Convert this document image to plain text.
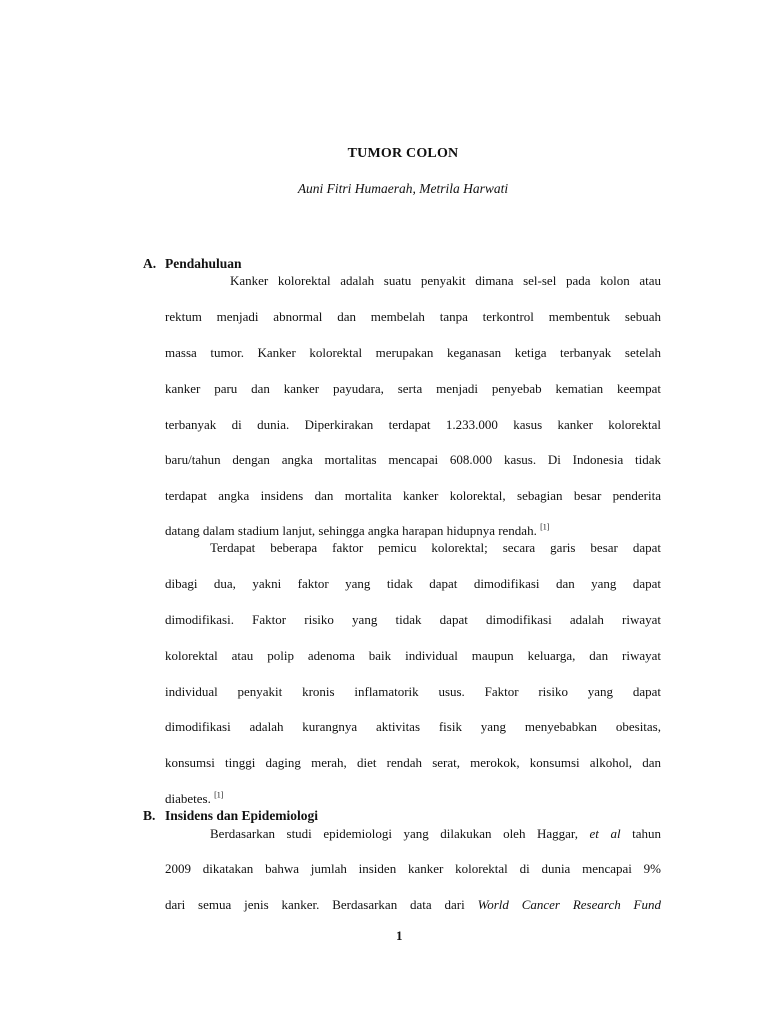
TUMOR COLON
Auni Fitri Humaerah, Metrila Harwati
A. Pendahuluan
Kanker kolorektal adalah suatu penyakit dimana sel-sel pada kolon atau
rektum menjadi abnormal dan membelah tanpa terkontrol membentuk sebuah
massa tumor. Kanker kolorektal merupakan keganasan ketiga terbanyak setelah
kanker paru dan kanker payudara, serta menjadi penyebab kematian keempat
terbanyak di dunia. Diperkirakan terdapat 1.233.000 kasus kanker kolorektal
baru/tahun dengan angka mortalitas mencapai 608.000 kasus. Di Indonesia tidak
terdapat angka insidens dan mortalita kanker kolorektal, sebagian besar penderita
datang dalam stadium lanjut, sehingga angka harapan hidupnya rendah. [1]
Terdapat beberapa faktor pemicu kolorektal; secara garis besar dapat
dibagi dua, yakni faktor yang tidak dapat dimodifikasi dan yang dapat
dimodifikasi. Faktor risiko yang tidak dapat dimodifikasi adalah riwayat
kolorektal atau polip adenoma baik individual maupun keluarga, dan riwayat
individual penyakit kronis inflamatorik usus. Faktor risiko yang dapat
dimodifikasi adalah kurangnya aktivitas fisik yang menyebabkan obesitas,
konsumsi tinggi daging merah, diet rendah serat, merokok, konsumsi alkohol, dan
diabetes. [1]
B. Insidens dan Epidemiologi
Berdasarkan studi epidemiologi yang dilakukan oleh Haggar, et al tahun
2009 dikatakan bahwa jumlah insiden kanker kolorektal di dunia mencapai 9%
dari semua jenis kanker. Berdasarkan data dari World Cancer Research Fund
1
